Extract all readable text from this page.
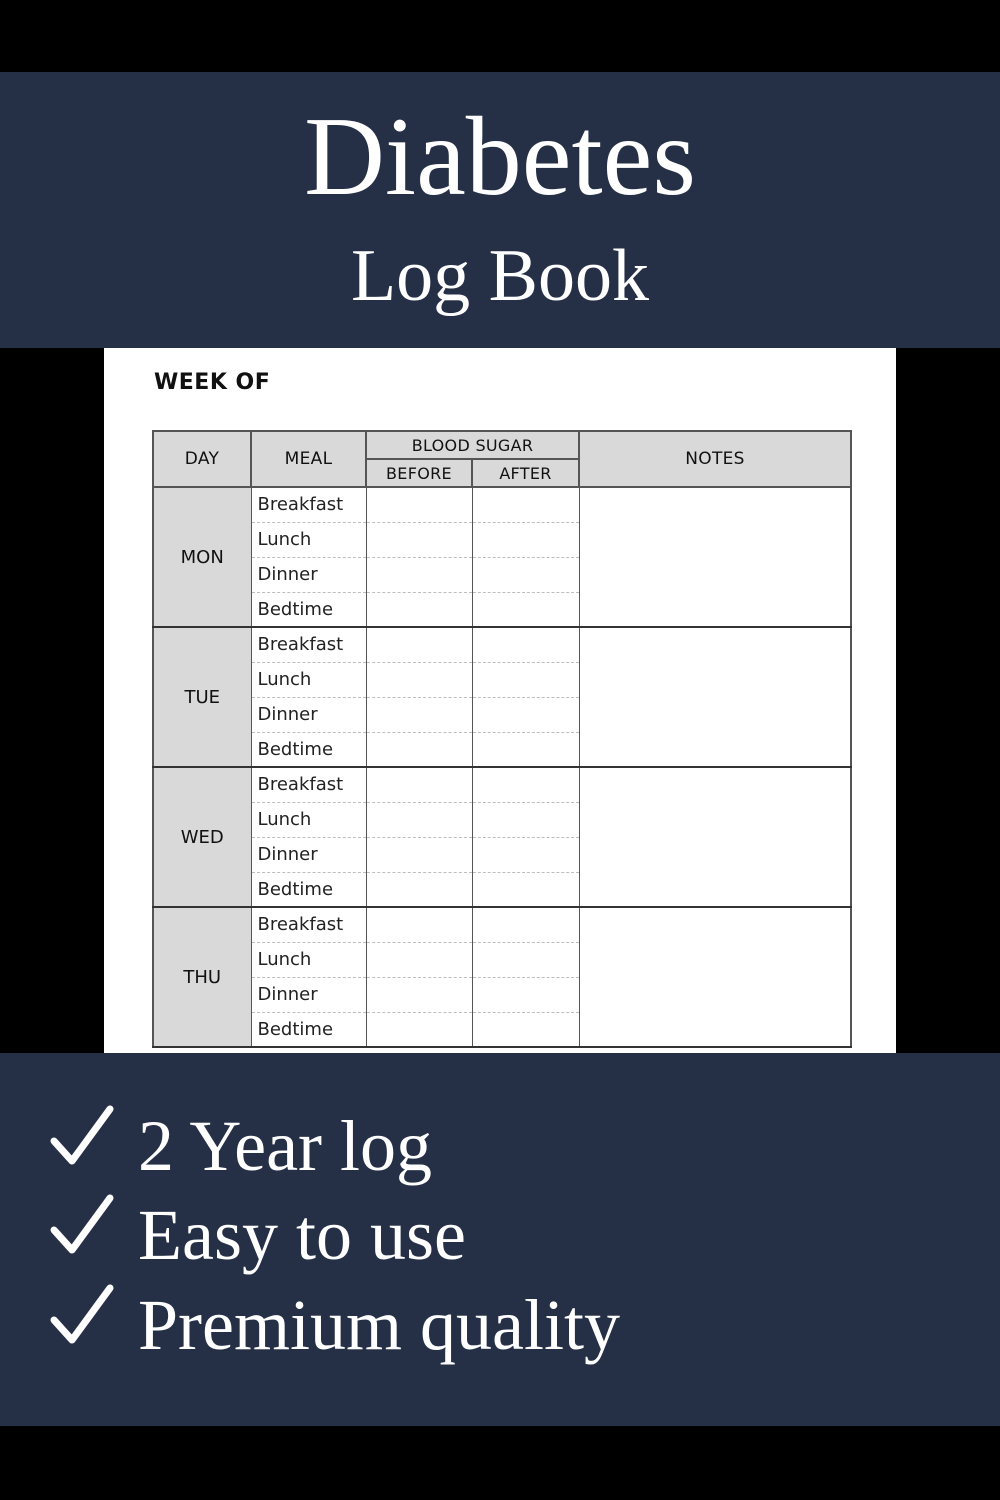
Diabetes
Log Book
WEEK OF
DAY	MEAL	BLOOD SUGAR		NOTES
		BEFORE	AFTER	
MON	Breakfast			
	Lunch			
	Dinner			
	Bedtime			
TUE	Breakfast			
	Lunch			
	Dinner			
	Bedtime			
WED	Breakfast			
	Lunch			
	Dinner			
	Bedtime			
THU	Breakfast			
	Lunch			
	Dinner			
	Bedtime			
2 Year log
Easy to use
Premium quality
